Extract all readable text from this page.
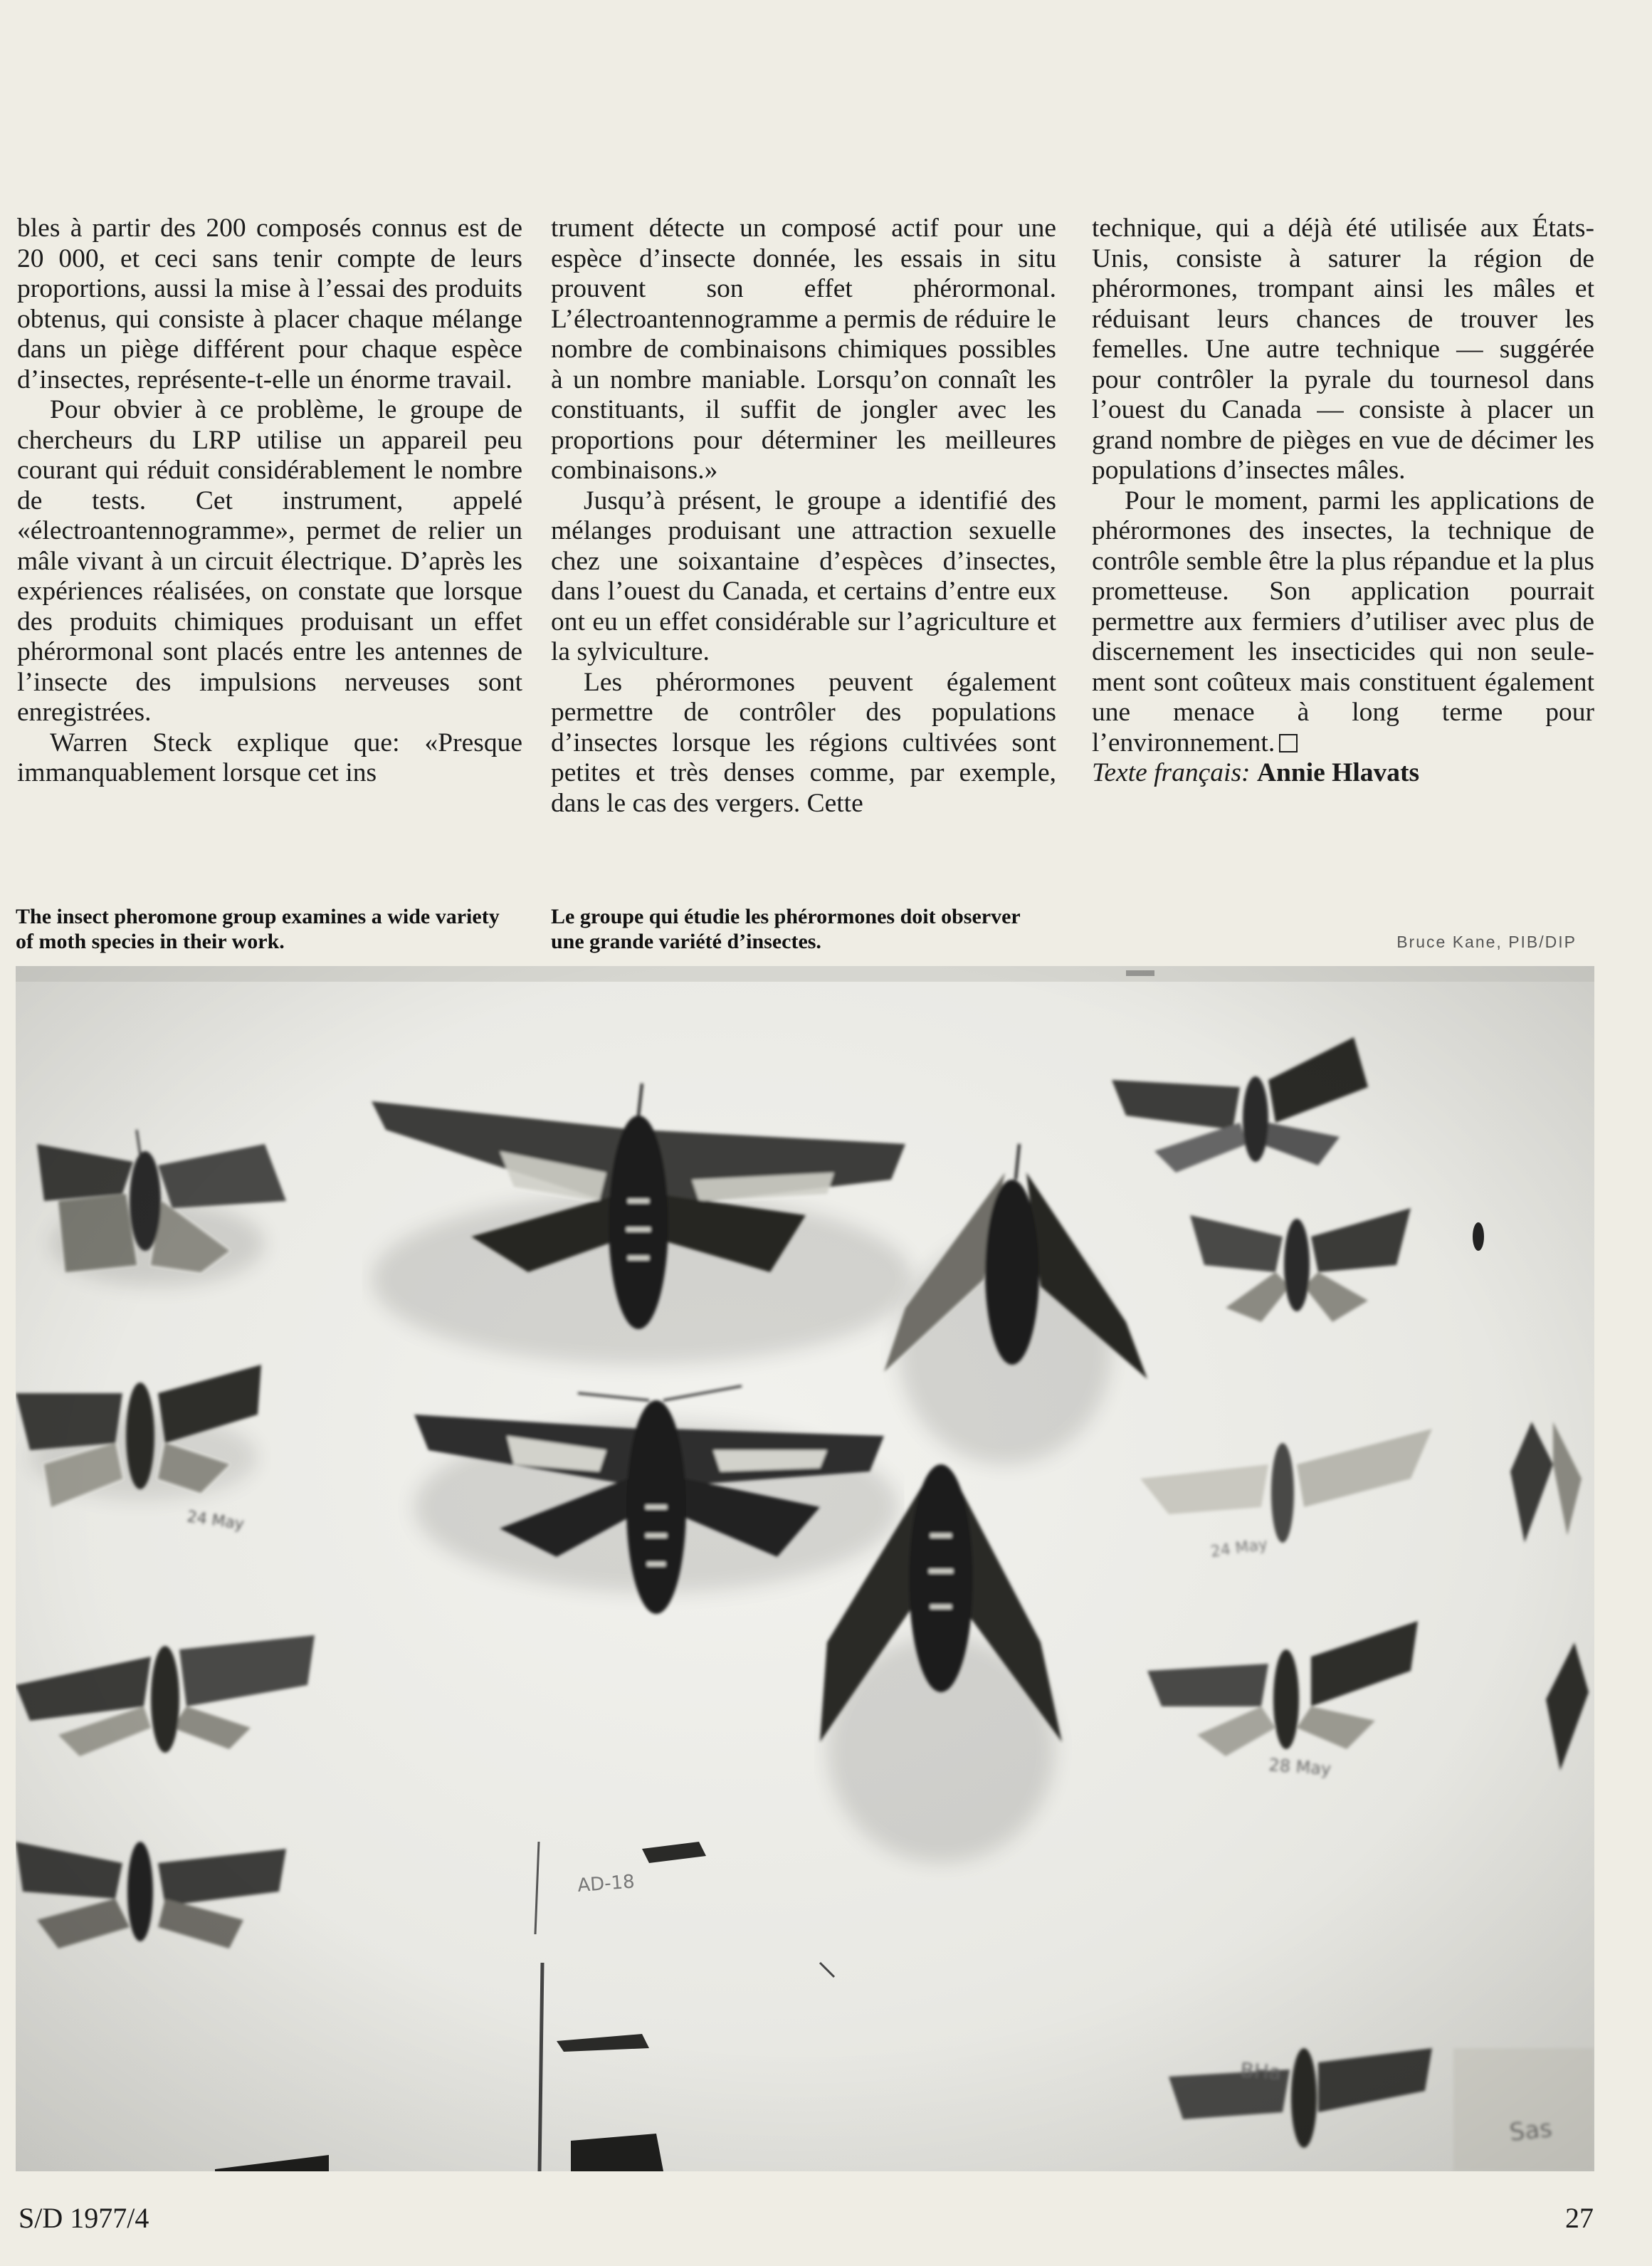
bles à partir des 200 composés connus est de 20 000, et ceci sans tenir compte de leurs proportions, aussi la mise à l’essai des produits obtenus, qui consiste à placer chaque mélange dans un piège différent pour chaque espèce d’insectes, représente-t-elle un énorme travail.

Pour obvier à ce problème, le groupe de chercheurs du LRP utilise un appareil peu courant qui réduit considérablement le nombre de tests. Cet instrument, appelé «électroantennogramme», permet de relier un mâle vivant à un circuit électrique. D’après les expériences réalisées, on constate que lorsque des produits chimiques produisant un effet phérormonal sont placés entre les antennes de l’insecte des impulsions nerveuses sont enregistrées.

Warren Steck explique que: «Presque immanquablement lorsque cet ins

trument détecte un composé actif pour une espèce d’insecte donnée, les essais in situ prouvent son effet phérormonal. L’électroantennogramme a permis de réduire le nombre de combinaisons chimiques possibles à un nombre maniable. Lorsqu’on connaît les constituants, il suffit de jongler avec les proportions pour déterminer les meilleures combinaisons.»

Jusqu’à présent, le groupe a identifié des mélanges produisant une attraction sexuelle chez une soixantaine d’espèces d’insectes, dans l’ouest du Canada, et certains d’entre eux ont eu un effet considérable sur l’agriculture et la sylviculture.

Les phérormones peuvent également permettre de contrôler des populations d’insectes lorsque les régions cultivées sont petites et très denses comme, par exemple, dans le cas des vergers. Cette

technique, qui a déjà été utilisée aux États-Unis, consiste à saturer la région de phérormones, trompant ainsi les mâles et réduisant leurs chances de trouver les femelles. Une autre technique — suggérée pour contrôler la pyrale du tournesol dans l’ouest du Canada — consiste à placer un grand nombre de pièges en vue de décimer les populations d’insectes mâles.

Pour le moment, parmi les applications de phérormones des insectes, la technique de contrôle semble être la plus répandue et la plus prometteuse. Son application pourrait permettre aux fermiers d’utiliser avec plus de discernement les insecticides qui non seulement sont coûteux mais constituent également une menace à long terme pour l’environnement.

Texte français: Annie Hlavats

The insect pheromone group examines a wide variety of moth species in their work.
Le groupe qui étudie les phérormones doit observer une grande variété d’insectes.	Bruce Kane, PIB/DIP
S/D 1977/4	27
